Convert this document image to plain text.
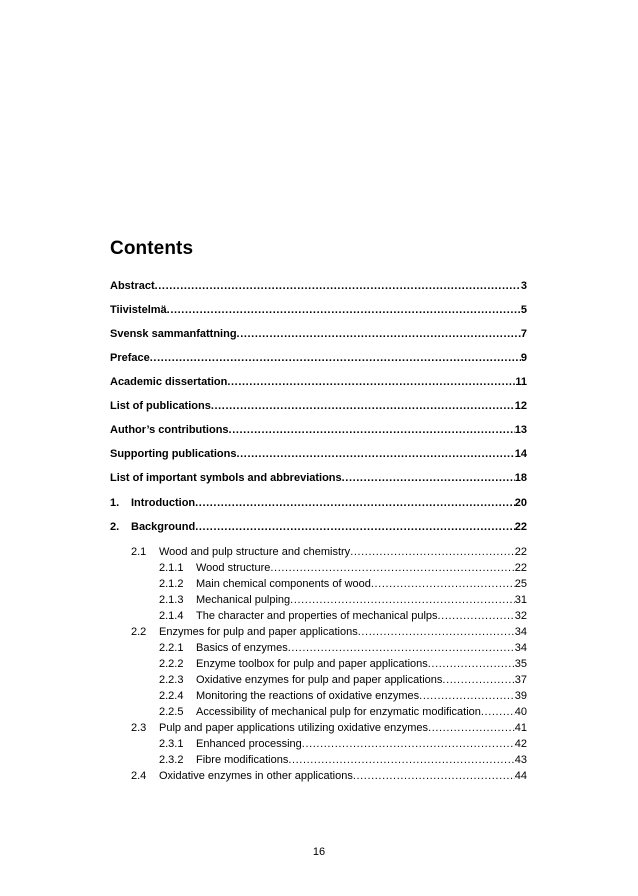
Contents
Abstract .....	3
Tiivistelmä .....	5
Svensk sammanfattning .....	7
Preface .....	9
Academic dissertation .....	11
List of publications .....	12
Author’s contributions .....	13
Supporting publications .....	14
List of important symbols and abbreviations .....	18
1.	Introduction .....	20
2.	Background .....	22
2.1	Wood and pulp structure and chemistry .....	22
2.1.1	Wood structure .....	22
2.1.2	Main chemical components of wood .....	25
2.1.3	Mechanical pulping .....	31
2.1.4	The character and properties of mechanical pulps .....	32
2.2	Enzymes for pulp and paper applications .....	34
2.2.1	Basics of enzymes .....	34
2.2.2	Enzyme toolbox for pulp and paper applications .....	35
2.2.3	Oxidative enzymes for pulp and paper applications .....	37
2.2.4	Monitoring the reactions of oxidative enzymes .....	39
2.2.5	Accessibility of mechanical pulp for enzymatic modification .....	40
2.3	Pulp and paper applications utilizing oxidative enzymes .....	41
2.3.1	Enhanced processing .....	42
2.3.2	Fibre modifications .....	43
2.4	Oxidative enzymes in other applications .....	44
16
